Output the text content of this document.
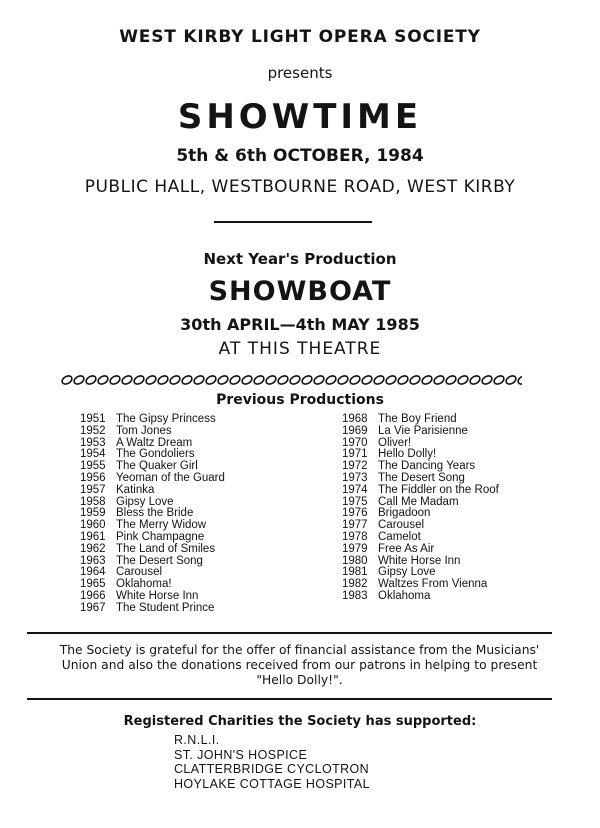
WEST KIRBY LIGHT OPERA SOCIETY
presents
SHOWTIME
5th & 6th OCTOBER, 1984
PUBLIC HALL, WESTBOURNE ROAD, WEST KIRBY
Next Year's Production
SHOWBOAT
30th APRIL—4th MAY 1985
AT THIS THEATRE
Previous Productions
1951 The Gipsy Princess
1952 Tom Jones
1953 A Waltz Dream
1954 The Gondoliers
1955 The Quaker Girl
1956 Yeoman of the Guard
1957 Katinka
1958 Gipsy Love
1959 Bless the Bride
1960 The Merry Widow
1961 Pink Champagne
1962 The Land of Smiles
1963 The Desert Song
1964 Carousel
1965 Oklahoma!
1966 White Horse Inn
1967 The Student Prince
1968 The Boy Friend
1969 La Vie Parisienne
1970 Oliver!
1971 Hello Dolly!
1972 The Dancing Years
1973 The Desert Song
1974 The Fiddler on the Roof
1975 Call Me Madam
1976 Brigadoon
1977 Carousel
1978 Camelot
1979 Free As Air
1980 White Horse Inn
1981 Gipsy Love
1982 Waltzes From Vienna
1983 Oklahoma
The Society is grateful for the offer of financial assistance from the Musicians'
Union and also the donations received from our patrons in helping to present
"Hello Dolly!".
Registered Charities the Society has supported:
R.N.L.I.
ST. JOHN'S HOSPICE
CLATTERBRIDGE CYCLOTRON
HOYLAKE COTTAGE HOSPITAL
